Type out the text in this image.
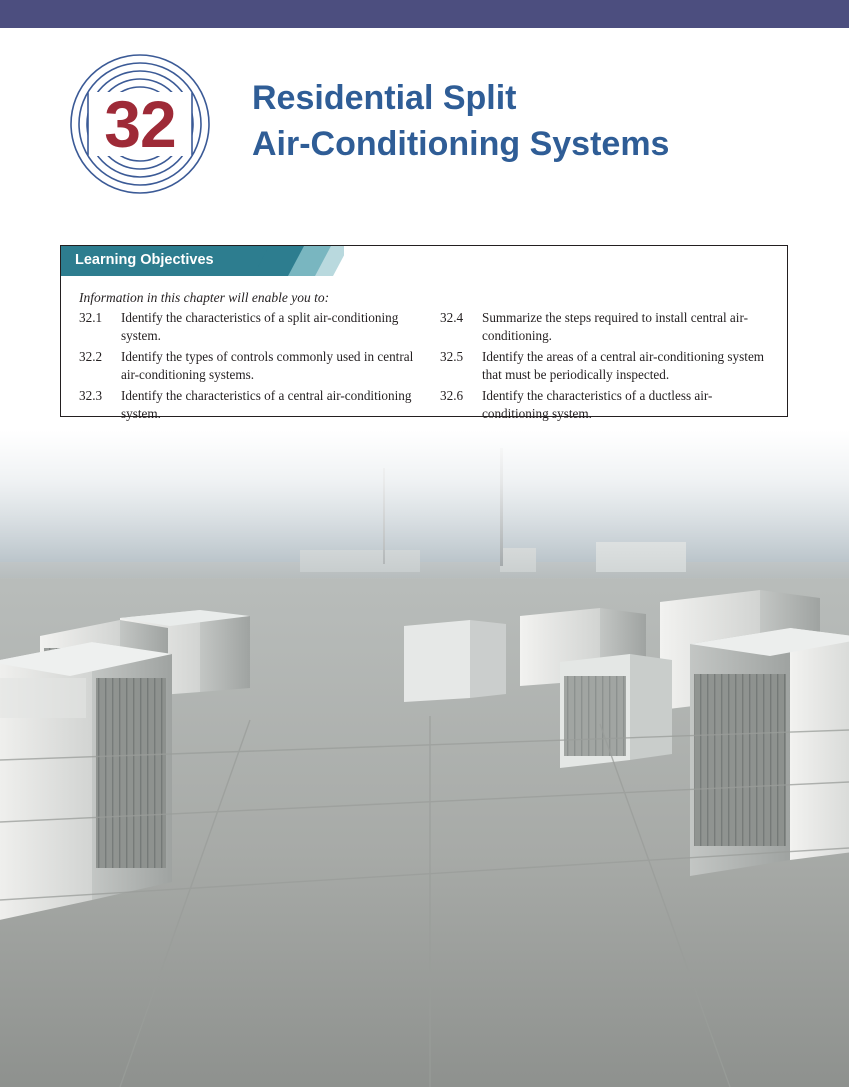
32	Residential Split
Air-Conditioning Systems
Learning Objectives
Information in this chapter will enable you to:
32.1	Identify the characteristics of a split air-conditioning system.
32.2	Identify the types of controls commonly used in central air-conditioning systems.
32.3	Identify the characteristics of a central air-conditioning system.
32.4	Summarize the steps required to install central air-conditioning.
32.5	Identify the areas of a central air-conditioning system that must be periodically inspected.
32.6	Identify the characteristics of a ductless air-conditioning system.
